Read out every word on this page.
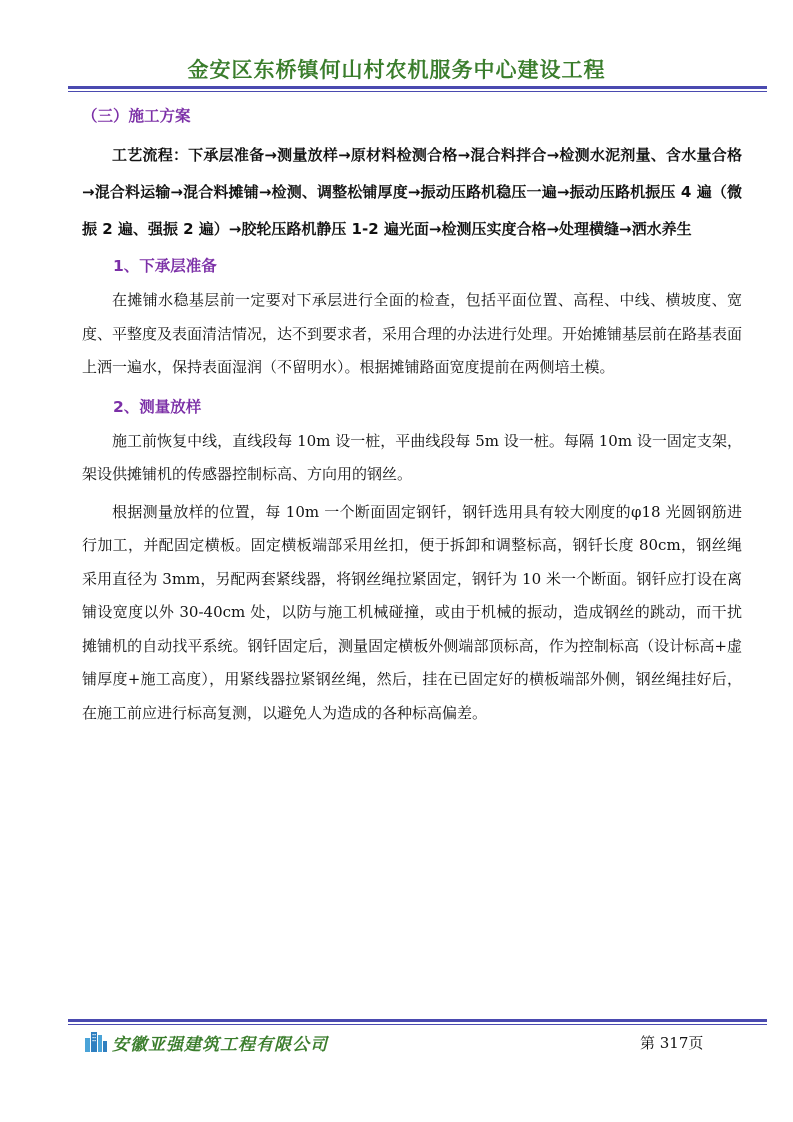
金安区东桥镇何山村农机服务中心建设工程
（三）施工方案
工艺流程：下承层准备→测量放样→原材料检测合格→混合料拌合→检测水泥剂量、含水量合格→混合料运输→混合料摊铺→检测、调整松铺厚度→振动压路机稳压一遍→振动压路机振压 4 遍（微振 2 遍、强振 2 遍）→胶轮压路机静压 1-2 遍光面→检测压实度合格→处理横缝→洒水养生
1、下承层准备

在摊铺水稳基层前一定要对下承层进行全面的检查，包括平面位置、高程、中线、横坡度、宽度、平整度及表面清洁情况，达不到要求者，采用合理的办法进行处理。开始摊铺基层前在路基表面上洒一遍水，保持表面湿润（不留明水）。根据摊铺路面宽度提前在两侧培土模。

2、测量放样

施工前恢复中线，直线段每 10m 设一桩，平曲线段每 5m 设一桩。每隔 10m 设一固定支架，架设供摊铺机的传感器控制标高、方向用的钢丝。

根据测量放样的位置，每 10m 一个断面固定钢钎，钢钎选用具有较大刚度的φ18 光圆钢筋进行加工，并配固定横板。固定横板端部采用丝扣，便于拆卸和调整标高，钢钎长度 80cm，钢丝绳采用直径为 3mm，另配两套紧线器，将钢丝绳拉紧固定，钢钎为 10 米一个断面。钢钎应打设在离铺设宽度以外 30-40cm 处，以防与施工机械碰撞，或由于机械的振动，造成钢丝的跳动，而干扰摊铺机的自动找平系统。钢钎固定后，测量固定横板外侧端部顶标高，作为控制标高（设计标高+虚铺厚度+施工高度），用紧线器拉紧钢丝绳，然后，挂在已固定好的横板端部外侧，钢丝绳挂好后，在施工前应进行标高复测，以避免人为造成的各种标高偏差。

安徽亚强建筑工程有限公司	第 317页
